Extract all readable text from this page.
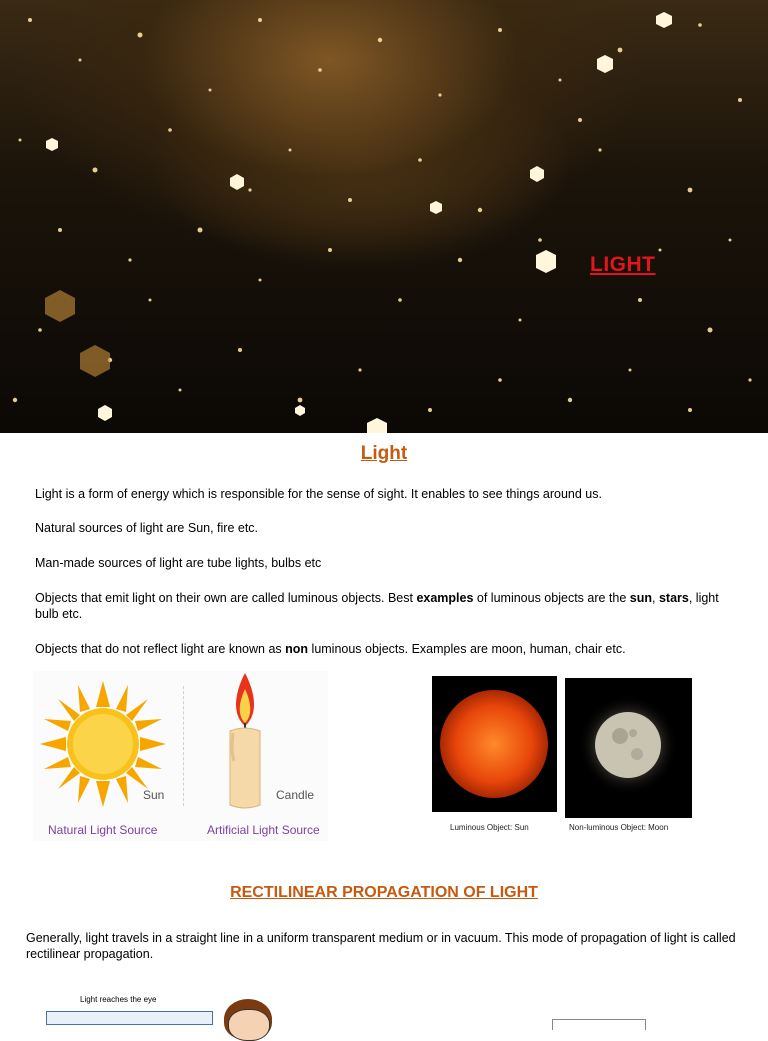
LIGHT
Light
Light is a form of energy which is responsible for the sense of sight. It enables to see things around us.
Natural sources of light are Sun, fire etc.
Man-made sources of light are tube lights, bulbs etc
Objects that emit light on their own are called luminous objects. Best examples of luminous objects are the sun, stars, light bulb etc.
Objects that do not reflect light are known as non luminous objects. Examples are moon, human, chair etc.
Sun	Candle
Natural Light Source	Artificial Light Source	Luminous Object: Sun	Non-luminous Object: Moon
RECTILINEAR PROPAGATION OF LIGHT
Generally, light travels in a straight line in a uniform transparent medium or in vacuum. This mode of propagation of light is called rectilinear propagation.
Light reaches the eye
